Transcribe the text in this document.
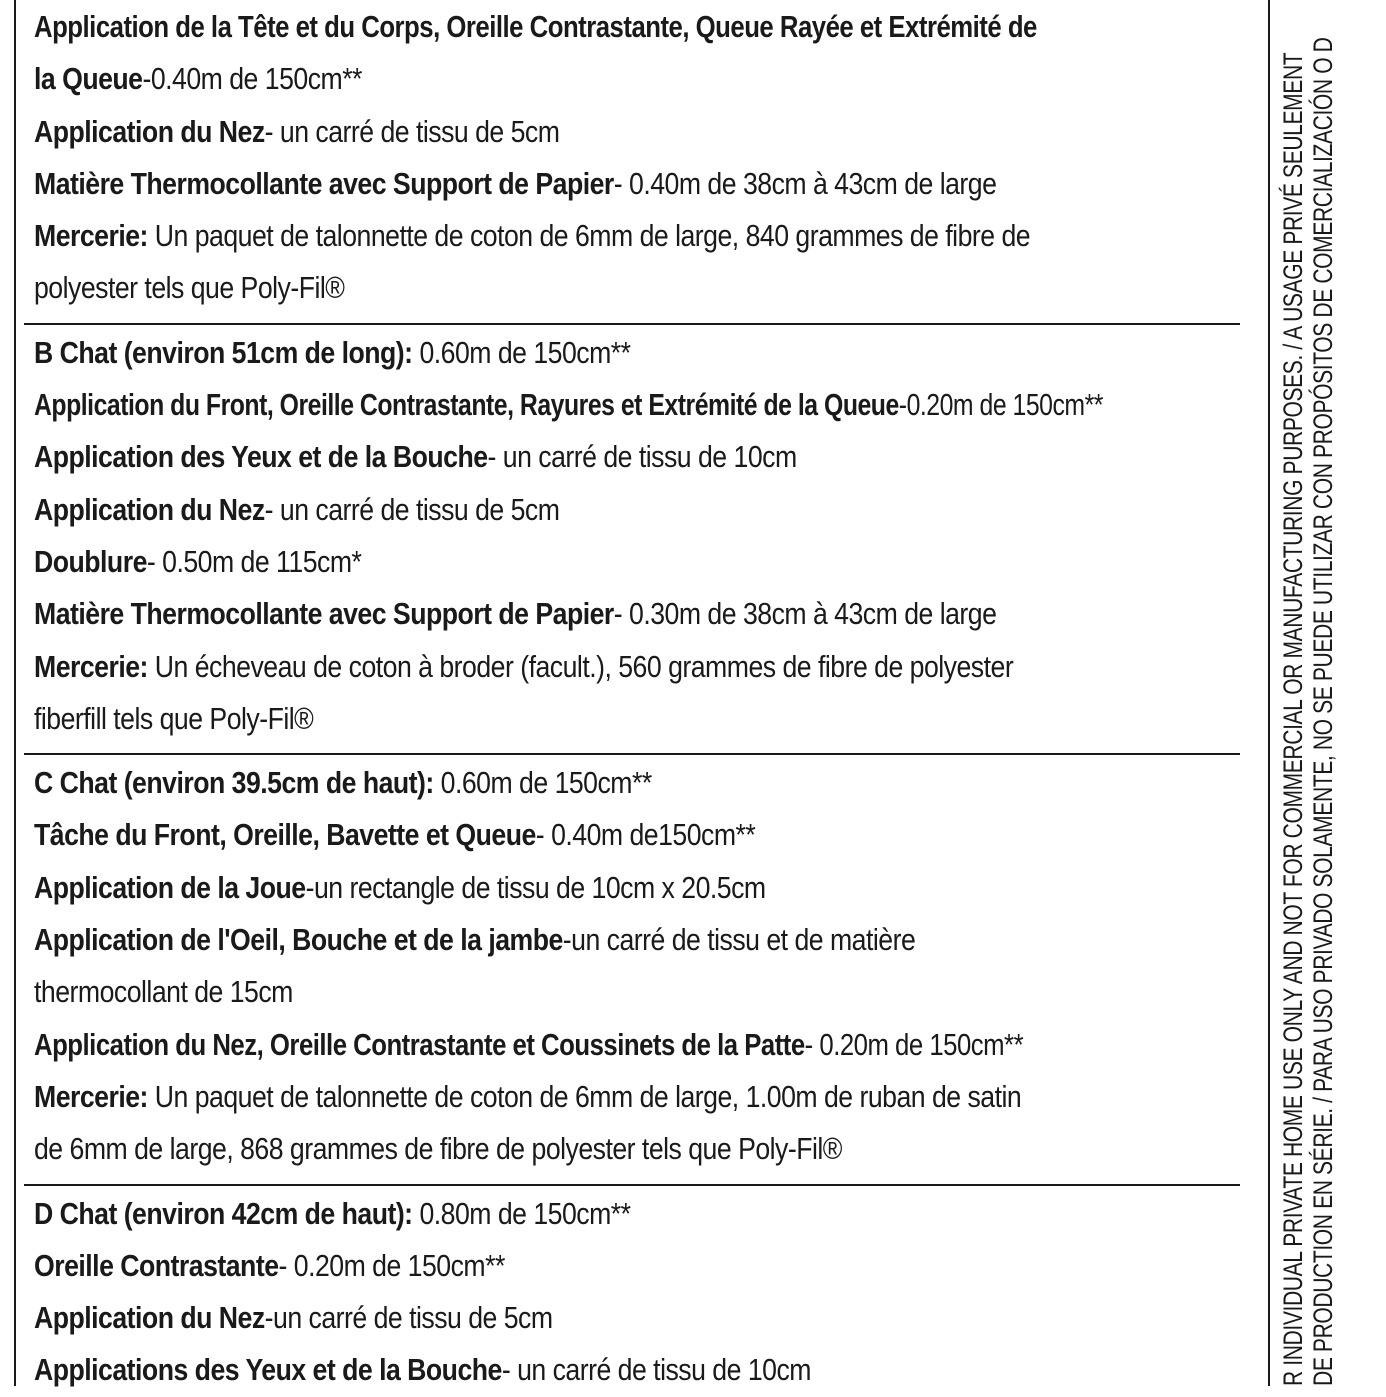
Application de la Tête et du Corps, Oreille Contrastante, Queue Rayée et Extrémité de
la Queue-0.40m de 150cm**
Application du Nez- un carré de tissu de 5cm
Matière Thermocollante avec Support de Papier- 0.40m de 38cm à 43cm de large
Mercerie: Un paquet de talonnette de coton de 6mm de large, 840 grammes de fibre de
polyester tels que Poly-Fil®
B Chat (environ 51cm de long): 0.60m de 150cm**
Application du Front, Oreille Contrastante, Rayures et Extrémité de la Queue-0.20m de 150cm**
Application des Yeux et de la Bouche- un carré de tissu de 10cm
Application du Nez- un carré de tissu de 5cm
Doublure- 0.50m de 115cm*
Matière Thermocollante avec Support de Papier- 0.30m de 38cm à 43cm de large
Mercerie: Un écheveau de coton à broder (facult.), 560 grammes de fibre de polyester
fiberfill tels que Poly-Fil®
C Chat (environ 39.5cm de haut): 0.60m de 150cm**
Tâche du Front, Oreille, Bavette et Queue- 0.40m de150cm**
Application de la Joue-un rectangle de tissu de 10cm x 20.5cm
Application de l'Oeil, Bouche et de la jambe-un carré de tissu et de matière
thermocollant de 15cm
Application du Nez, Oreille Contrastante et Coussinets de la Patte- 0.20m de 150cm**
Mercerie: Un paquet de talonnette de coton de 6mm de large, 1.00m de ruban de satin
de 6mm de large, 868 grammes de fibre de polyester tels que Poly-Fil®
D Chat (environ 42cm de haut): 0.80m de 150cm**
Oreille Contrastante- 0.20m de 150cm**
Application du Nez-un carré de tissu de 5cm
Applications des Yeux et de la Bouche- un carré de tissu de 10cm	R INDIVIDUAL PRIVATE HOME USE ONLY AND NOT FOR COMMERCIAL OR MANUFACTURING PURPOSES. / A USAGE PRIVÉ SEULEMENT DE PRODUCTION EN SÉRIE. / PARA USO PRIVADO SOLAMENTE, NO SE PUEDE UTILIZAR CON PROPÓSITOS DE COMERCIALIZACIÓN O D
